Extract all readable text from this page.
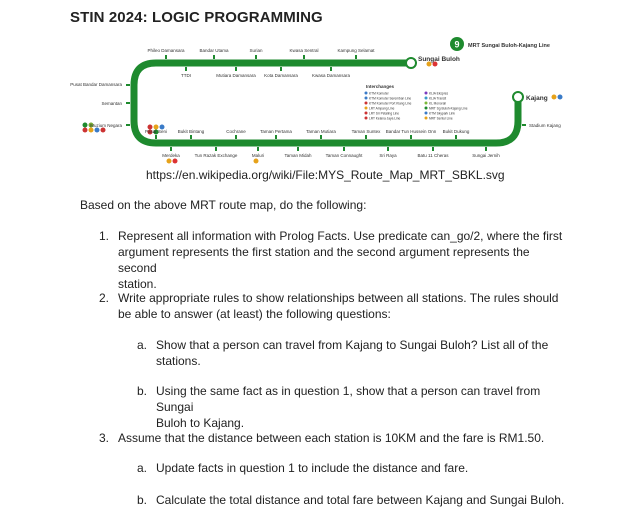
STIN 2024: LOGIC PROGRAMMING
9 MRT Sungai Buloh-Kajang Line
Sungai Buloh
Kajang
Phileo Damansara	Bandar Utama	Surian	Kwasa Sentral	Kampung Selamat
TTDI	Mutiara Damansara Kota Damansara	Kwasa Damansara
Pusat Bandar Damansara
Semantan
Muzium Negara
Pasar Seni Bukit Bintang	Cochrane	Taman Pertama	Taman Mutiara	Taman Suntex Bandar Tun Hussein Onn Bukit Dukung
Merdeka	Tun Razak Exchange	Maluri	Taman Midah	Taman Connaught	Sri Raya	Batu 11 Cheras	Sungai Jernih
Stadium Kajang
Interchanges
KTM Komuter
KTM Komuter Seremban Line
KTM Komuter Port Klang Line
LRT Ampang Line
LRT Sri Petaling Line
LRT Kelana Jaya Line
KLIA Ekspres
KLIA Transit
KL Monorail
MRT Sg Buloh-Kajang Line
KTM Skypark Link
MRT Sentul Line
https://en.wikipedia.org/wiki/File:MYS_Route_Map_MRT_SBKL.svg
Based on the above MRT route map, do the following:
1. Represent all information with Prolog Facts. Use predicate can_go/2, where the first
argument represents the first station and the second argument represents the second
station.
2. Write appropriate rules to show relationships between all stations. The rules should
be able to answer (at least) the following questions:
a. Show that a person can travel from Kajang to Sungai Buloh? List all of the
stations.
b. Using the same fact as in question 1, show that a person can travel from Sungai
Buloh to Kajang.
3. Assume that the distance between each station is 10KM and the fare is RM1.50.
a. Update facts in question 1 to include the distance and fare.
b. Calculate the total distance and total fare between Kajang and Sungai Buloh.
